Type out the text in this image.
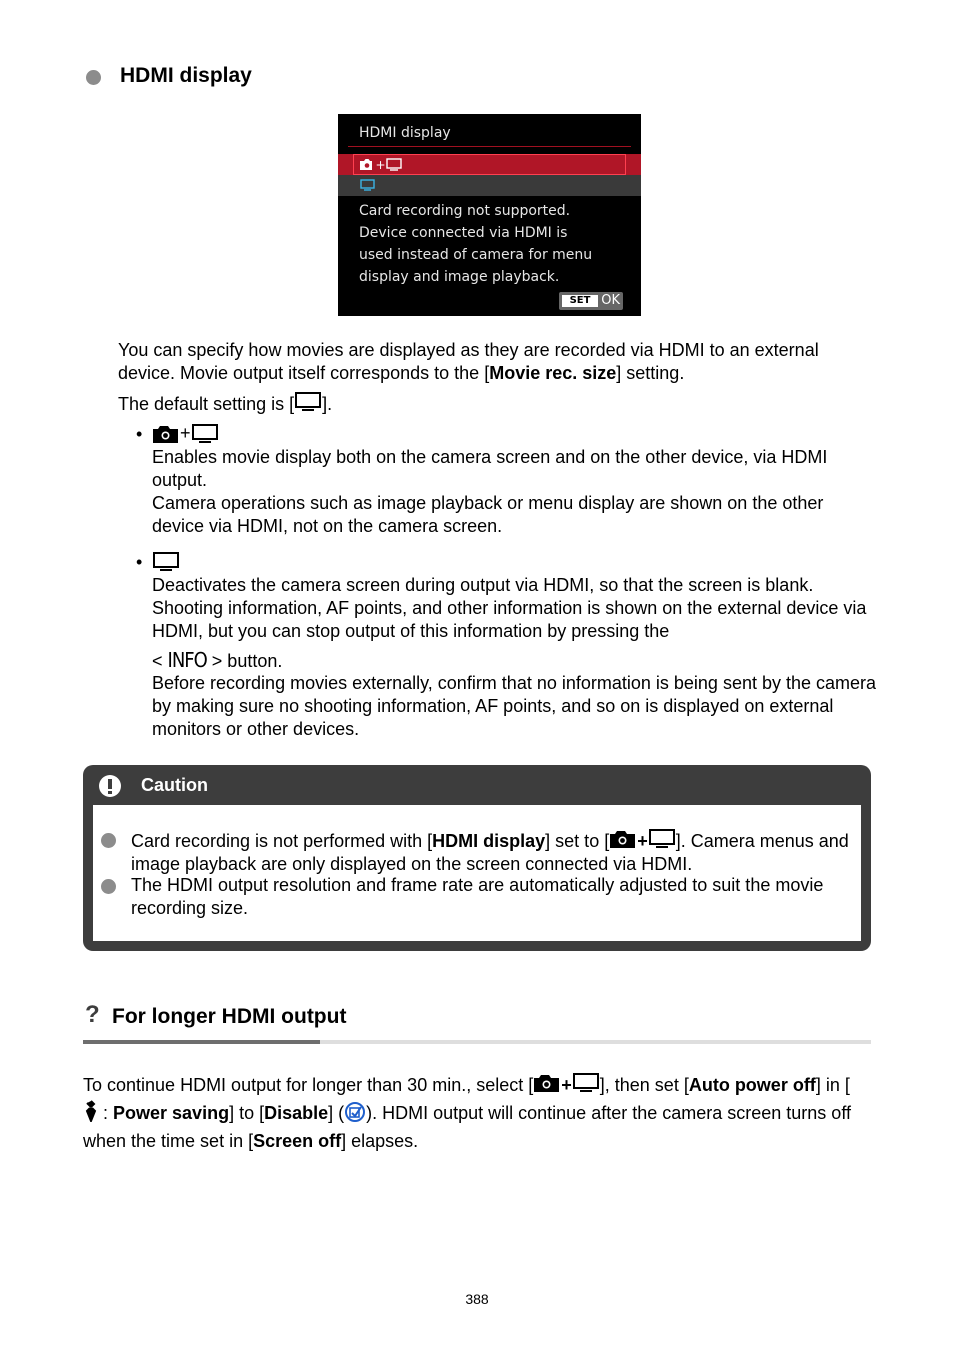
HDMI display
HDMI display
+
Card recording not supported.
Device connected via HDMI is
used instead of camera for menu
display and image playback.
SET OK

You can specify how movies are displayed as they are recorded via HDMI to an external device. Movie output itself corresponds to the [Movie rec. size] setting.

The default setting is [ ].

•	+

Enables movie display both on the camera screen and on the other device, via HDMI output.

Camera operations such as image playback or menu display are shown on the other device via HDMI, not on the camera screen.

•

Deactivates the camera screen during output via HDMI, so that the screen is blank. Shooting information, AF points, and other information is shown on the external device via HDMI, but you can stop output of this information by pressing the

< INFO > button.

Before recording movies externally, confirm that no information is being sent by the camera by making sure no shooting information, AF points, and so on is displayed on external monitors or other devices.

Caution

Card recording is not performed with [HDMI display] set to [ + ]. Camera menus and image playback are only displayed on the screen connected via HDMI.

The HDMI output resolution and frame rate are automatically adjusted to suit the movie recording size.

? For longer HDMI output

To continue HDMI output for longer than 30 min., select [ + ], then set [Auto power off] in [: Power saving] to [Disable] ( ). HDMI output will continue after the camera screen turns off when the time set in [Screen off] elapses.

388
